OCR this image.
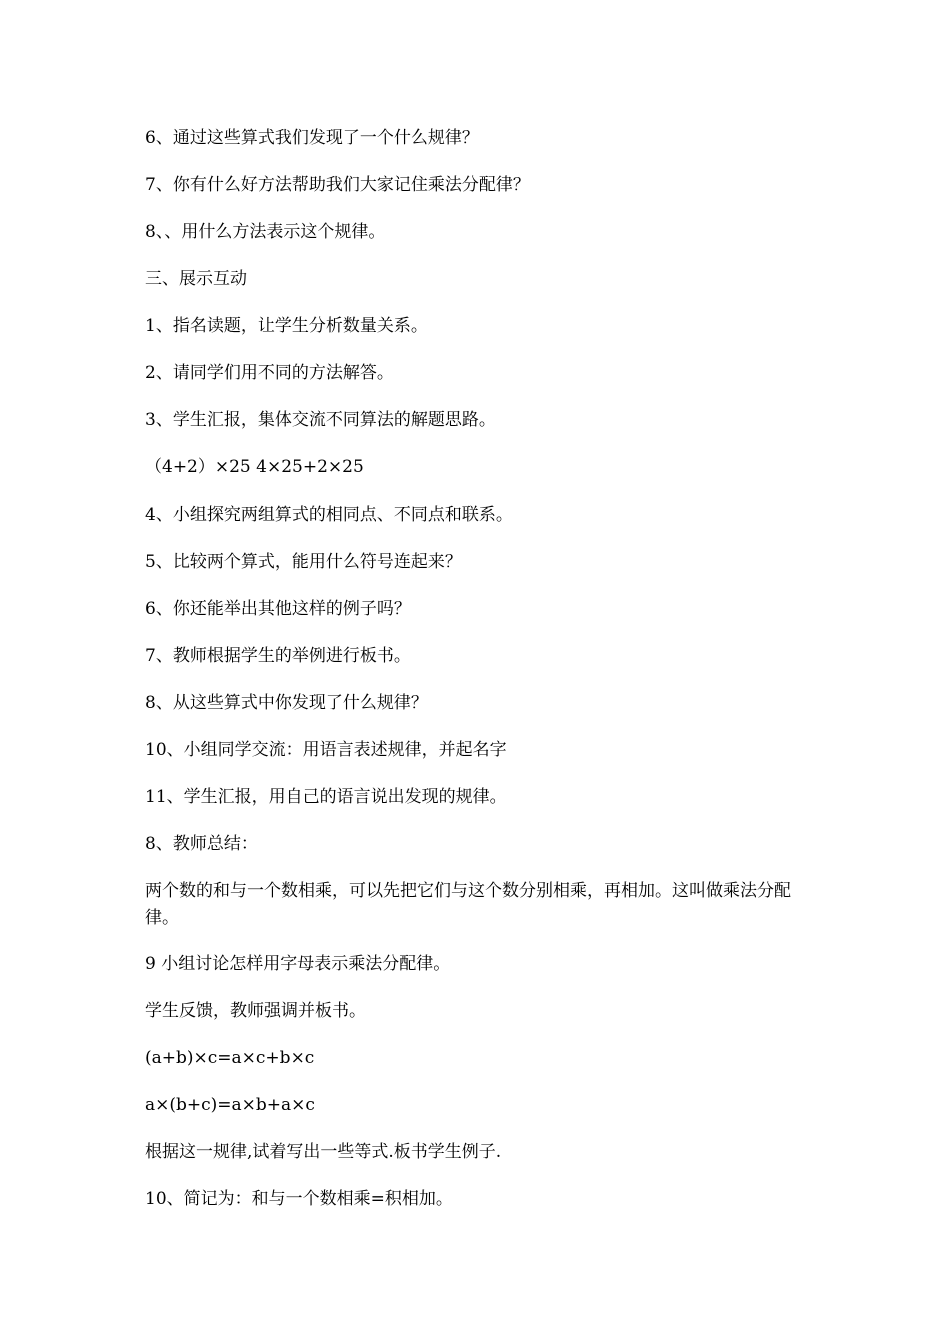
6、通过这些算式我们发现了一个什么规律？
7、你有什么好方法帮助我们大家记住乘法分配律？
8、、用什么方法表示这个规律。
三、展示互动
1、指名读题，让学生分析数量关系。
2、请同学们用不同的方法解答。
3、学生汇报，集体交流不同算法的解题思路。
（4+2）×25 4×25+2×25
4、小组探究两组算式的相同点、不同点和联系。
5、比较两个算式，能用什么符号连起来？
6、你还能举出其他这样的例子吗？
7、教师根据学生的举例进行板书。
8、从这些算式中你发现了什么规律？
10、小组同学交流：用语言表述规律，并起名字
11、学生汇报，用自己的语言说出发现的规律。
8、教师总结：
两个数的和与一个数相乘，可以先把它们与这个数分别相乘，再相加。这叫做乘法分配律。
9 小组讨论怎样用字母表示乘法分配律。
学生反馈，教师强调并板书。
(a+b)×c=a×c+b×c
a×(b+c)=a×b+a×c
根据这一规律,试着写出一些等式.板书学生例子.
10、简记为：和与一个数相乘=积相加。
